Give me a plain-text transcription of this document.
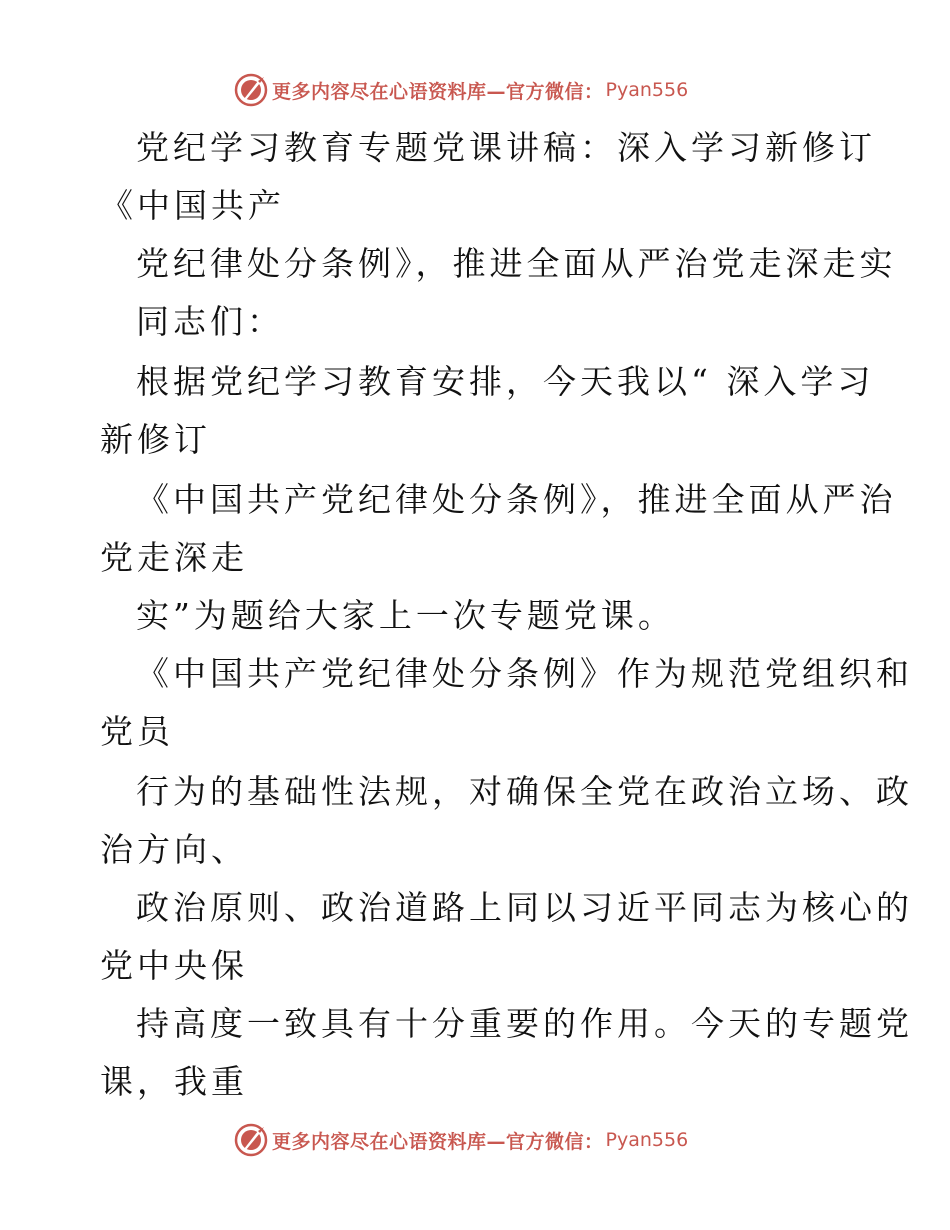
更多内容尽在心语资料库—官方微信： Pyan556
党纪学习教育专题党课讲稿：深入学习新修订
《中国共产
党纪律处分条例》，推进全面从严治党走深走实
同志们：
根据党纪学习教育安排，今天我以“ 深入学习
新修订
《中国共产党纪律处分条例》，推进全面从严治
党走深走
实”为题给大家上一次专题党课。
《中国共产党纪律处分条例》作为规范党组织和
党员
行为的基础性法规，对确保全党在政治立场、政
治方向、
政治原则、政治道路上同以习近平同志为核心的
党中央保
持高度一致具有十分重要的作用。今天的专题党
课，我重
更多内容尽在心语资料库—官方微信： Pyan556
